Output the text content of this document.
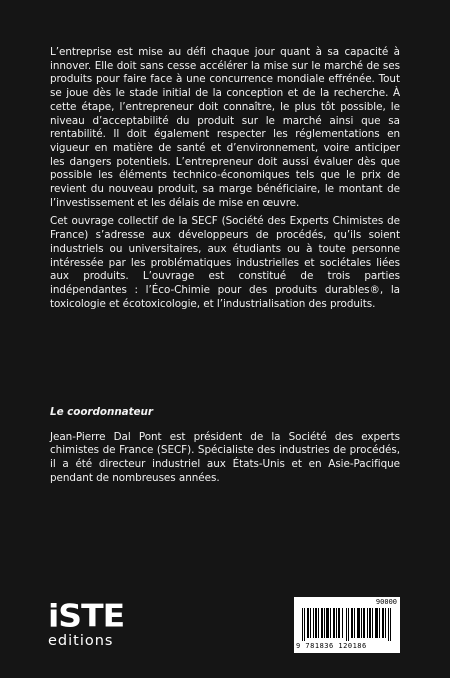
L’entreprise est mise au défi chaque jour quant à sa capacité à innover. Elle doit sans cesse accélérer la mise sur le marché de ses produits pour faire face à une concurrence mondiale effrénée. Tout se joue dès le stade initial de la conception et de la recherche. À cette étape, l’entrepreneur doit connaître, le plus tôt possible, le niveau d’acceptabilité du produit sur le marché ainsi que sa rentabilité. Il doit également respecter les réglementations en vigueur en matière de santé et d’environnement, voire anticiper les dangers potentiels. L’entrepreneur doit aussi évaluer dès que possible les éléments technico-économiques tels que le prix de revient du nouveau produit, sa marge bénéficiaire, le montant de l’investissement et les délais de mise en œuvre.

Cet ouvrage collectif de la SECF (Société des Experts Chimistes de France) s’adresse aux développeurs de procédés, qu’ils soient industriels ou universitaires, aux étudiants ou à toute personne intéressée par les problématiques industrielles et sociétales liées aux produits. L’ouvrage est constitué de trois parties indépendantes : l’Éco-Chimie pour des produits durables®, la toxicologie et écotoxicologie, et l’industrialisation des produits.

Le coordonnateur

Jean-Pierre Dal Pont est président de la Société des experts chimistes de France (SECF). Spécialiste des industries de procédés, il a été directeur industriel aux États-Unis et en Asie-Pacifique pendant de nombreuses années.

iSTE
editions
90000
9 781836 120186
